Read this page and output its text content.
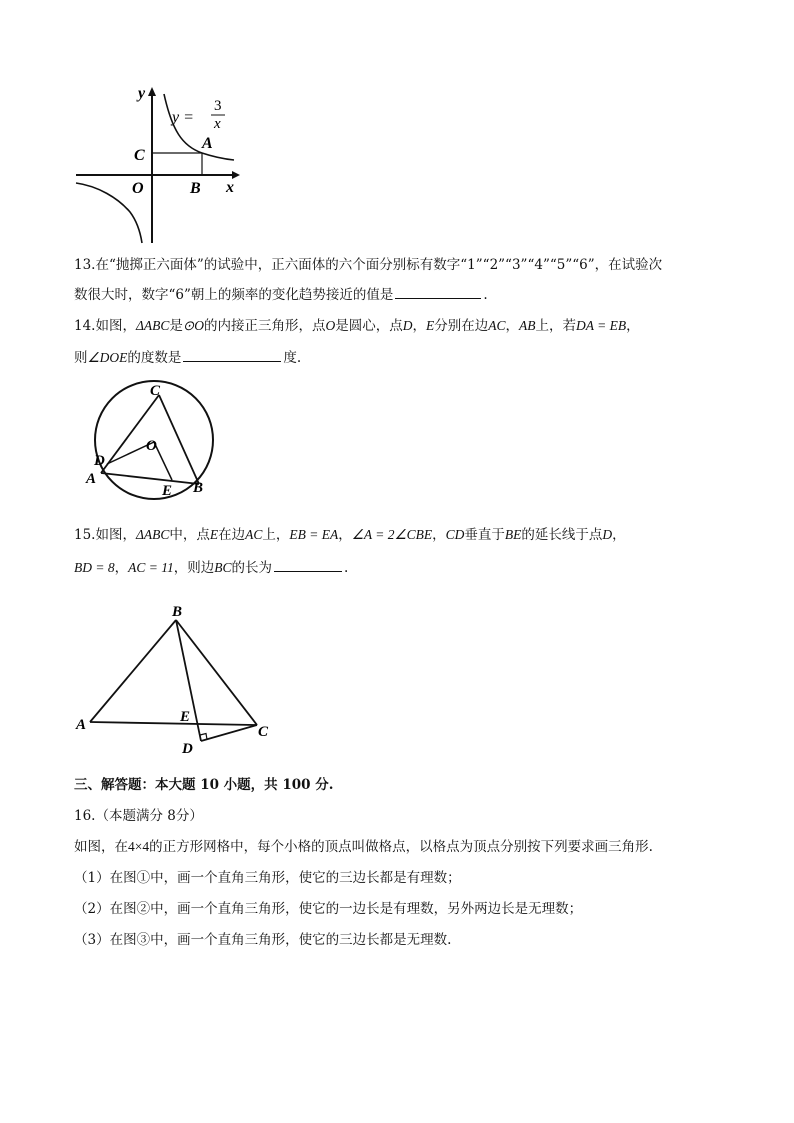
y
x
O	B
C
A
y =
3
x
13.在“抛掷正六面体”的试验中，正六面体的六个面分别标有数字“1”“2”“3”“4”“5”“6”，在试验次
数很大时，数字“6”朝上的频率的变化趋势接近的值是	.
14.如图，ΔABC是⊙O的内接正三角形，点O是圆心，点D，E分别在边AC，AB上，若DA = EB，
则∠DOE的度数是	度.
C
O
D
A
E B
15.如图，ΔABC中，点E在边AC上，EB = EA，∠A = 2∠CBE，CD垂直于BE的延长线于点D，
BD = 8，AC = 11，则边BC的长为	.
B
A	E
C
D
三、解答题：本大题 10 小题，共 100 分.
16.（本题满分 8分）
如图，在4×4的正方形网格中，每个小格的顶点叫做格点，以格点为顶点分别按下列要求画三角形.
（1）在图①中，画一个直角三角形，使它的三边长都是有理数；
（2）在图②中，画一个直角三角形，使它的一边长是有理数，另外两边长是无理数；
（3）在图③中，画一个直角三角形，使它的三边长都是无理数.
